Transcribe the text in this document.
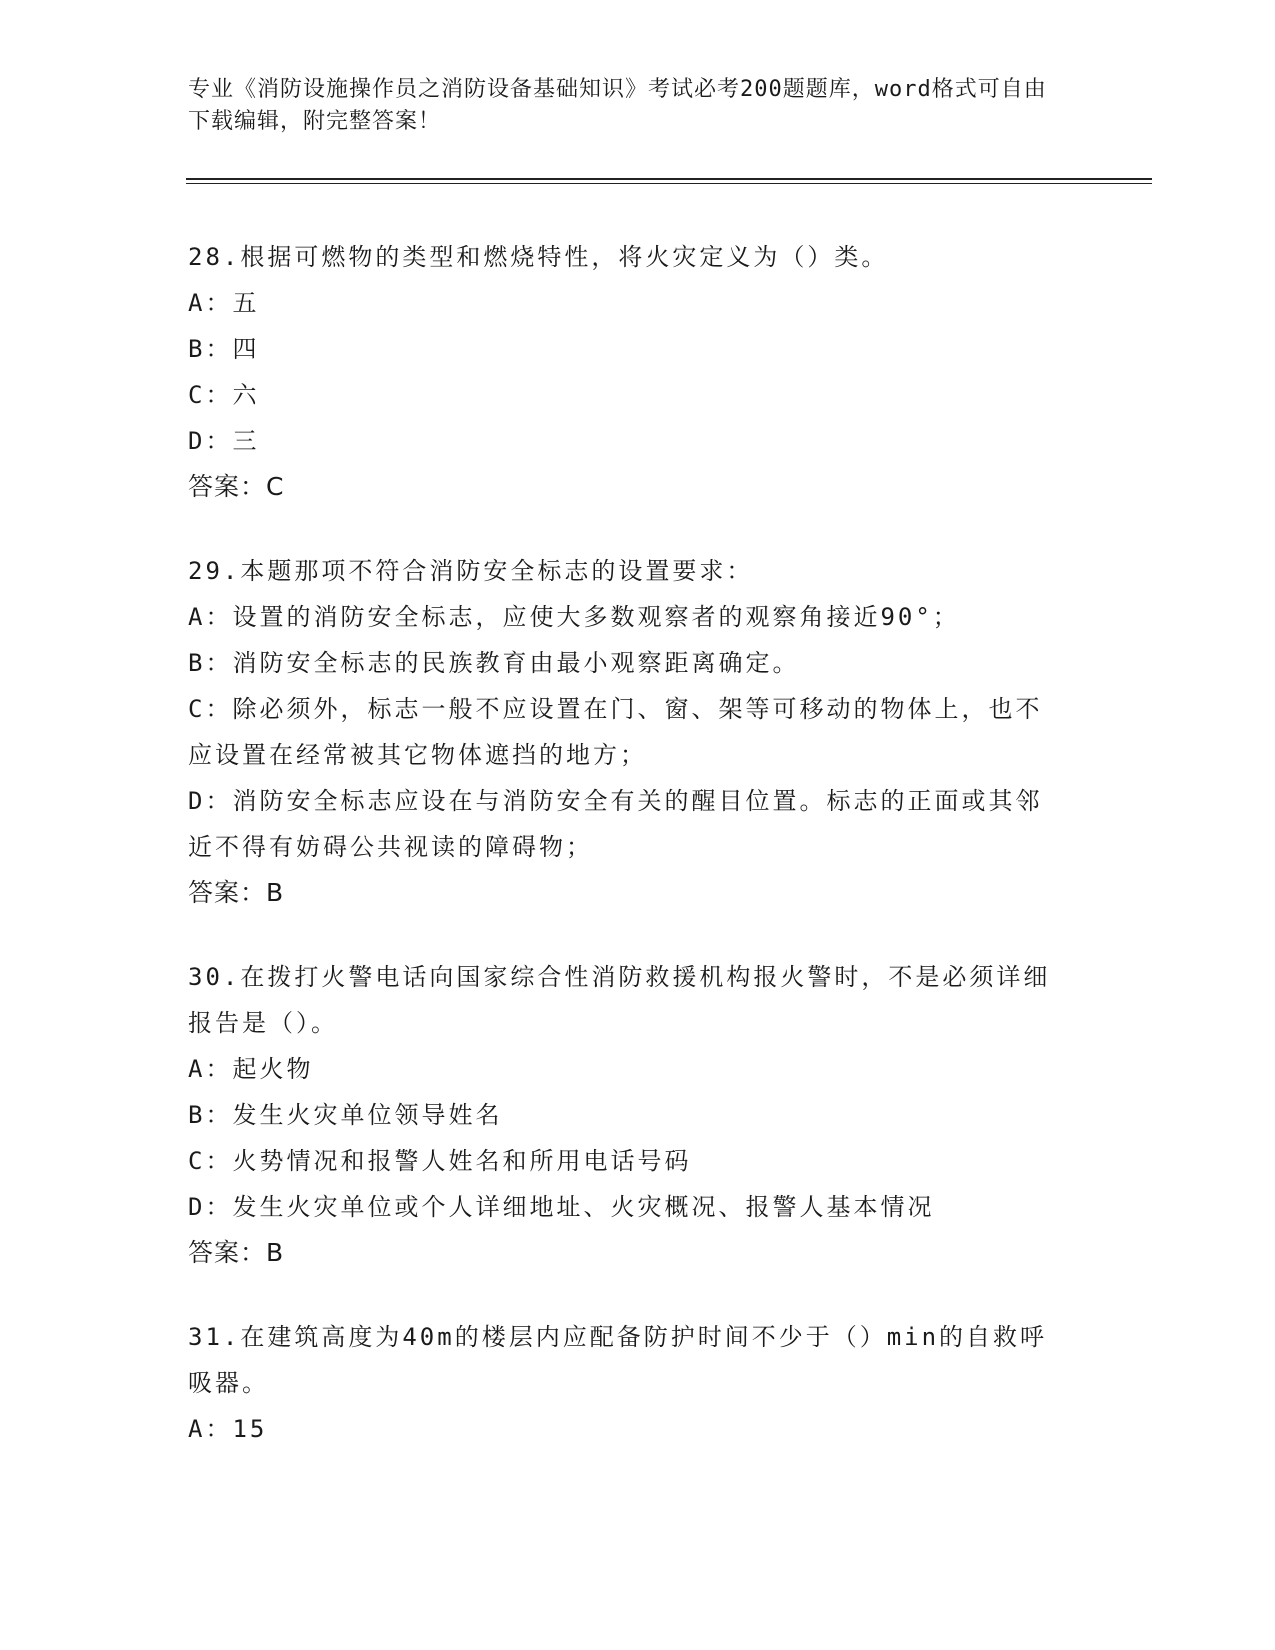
专业《消防设施操作员之消防设备基础知识》考试必考200题题库，word格式可自由下载编辑，附完整答案！
28.根据可燃物的类型和燃烧特性，将火灾定义为（）类。
A：五
B：四
C：六
D：三
答案：C
29.本题那项不符合消防安全标志的设置要求：
A：设置的消防安全标志，应使大多数观察者的观察角接近90°；
B：消防安全标志的民族教育由最小观察距离确定。
C：除必须外，标志一般不应设置在门、窗、架等可移动的物体上，也不应设置在经常被其它物体遮挡的地方；
D：消防安全标志应设在与消防安全有关的醒目位置。标志的正面或其邻近不得有妨碍公共视读的障碍物；
答案：B
30.在拨打火警电话向国家综合性消防救援机构报火警时，不是必须详细报告是（）。
A：起火物
B：发生火灾单位领导姓名
C：火势情况和报警人姓名和所用电话号码
D：发生火灾单位或个人详细地址、火灾概况、报警人基本情况
答案：B
31.在建筑高度为40m的楼层内应配备防护时间不少于（）min的自救呼吸器。
A：15
